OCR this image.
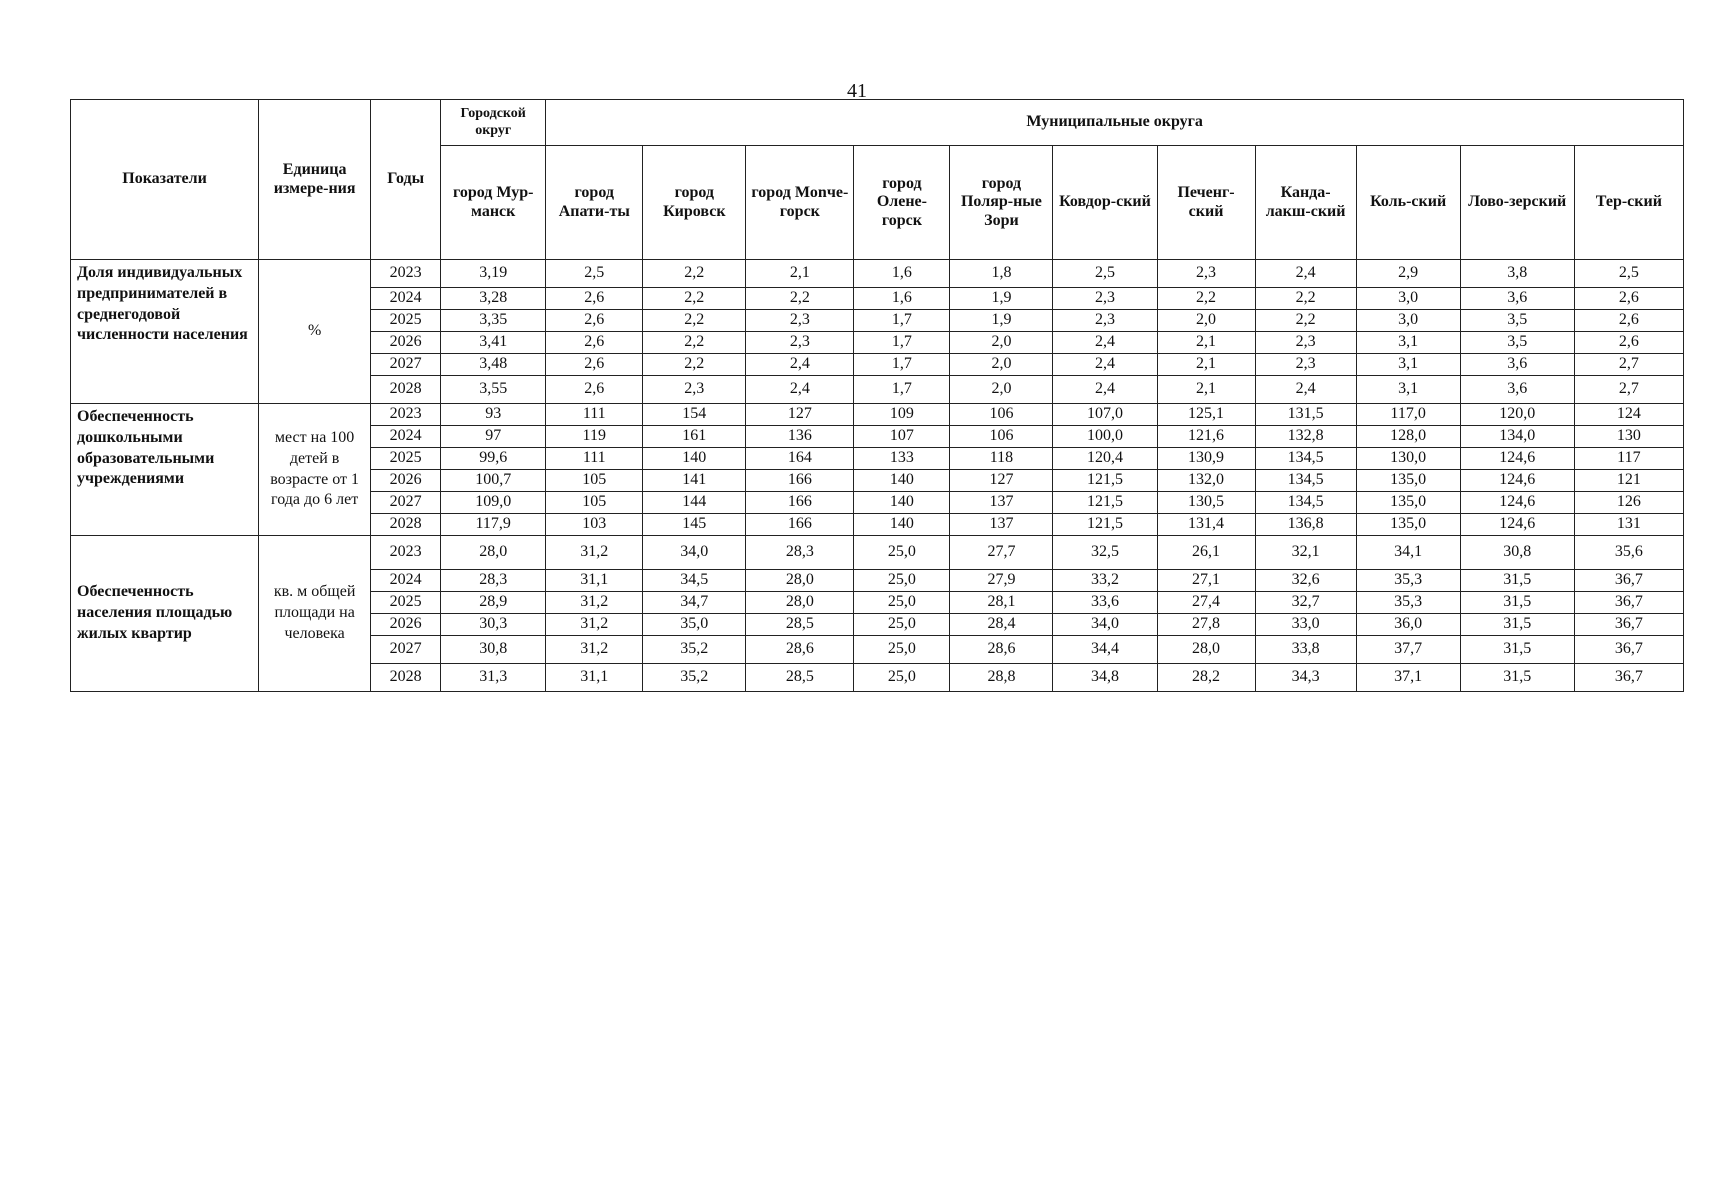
41
Показатели	Единица измере-ния	Годы	Городской округ	Муниципальные округа										
			город Мур-манск	город Апати-ты	город Кировск	город Monче-горск	город Олене-горск	город Поляр-ные Зори	Ковдор-ский	Печенг-ский	Канда-лакш-ский	Коль-ский	Лово-зерский	Тер-ский
Доля индивидуальных предпринимателей в среднегодовой численности населения	%	2023	3,19	2,5	2,2	2,1	1,6	1,8	2,5	2,3	2,4	2,9	3,8	2,5
		2024	3,28	2,6	2,2	2,2	1,6	1,9	2,3	2,2	2,2	3,0	3,6	2,6
		2025	3,35	2,6	2,2	2,3	1,7	1,9	2,3	2,0	2,2	3,0	3,5	2,6
		2026	3,41	2,6	2,2	2,3	1,7	2,0	2,4	2,1	2,3	3,1	3,5	2,6
		2027	3,48	2,6	2,2	2,4	1,7	2,0	2,4	2,1	2,3	3,1	3,6	2,7
		2028	3,55	2,6	2,3	2,4	1,7	2,0	2,4	2,1	2,4	3,1	3,6	2,7
Обеспеченность дошкольными образовательными учреждениями	мест на 100 детей в возрасте от 1 года до 6 лет	2023	93	111	154	127	109	106	107,0	125,1	131,5	117,0	120,0	124
		2024	97	119	161	136	107	106	100,0	121,6	132,8	128,0	134,0	130
		2025	99,6	111	140	164	133	118	120,4	130,9	134,5	130,0	124,6	117
		2026	100,7	105	141	166	140	127	121,5	132,0	134,5	135,0	124,6	121
		2027	109,0	105	144	166	140	137	121,5	130,5	134,5	135,0	124,6	126
		2028	117,9	103	145	166	140	137	121,5	131,4	136,8	135,0	124,6	131
Обеспеченность населения площадью жилых квартир	кв. м общей площади на человека	2023	28,0	31,2	34,0	28,3	25,0	27,7	32,5	26,1	32,1	34,1	30,8	35,6
		2024	28,3	31,1	34,5	28,0	25,0	27,9	33,2	27,1	32,6	35,3	31,5	36,7
		2025	28,9	31,2	34,7	28,0	25,0	28,1	33,6	27,4	32,7	35,3	31,5	36,7
		2026	30,3	31,2	35,0	28,5	25,0	28,4	34,0	27,8	33,0	36,0	31,5	36,7
		2027	30,8	31,2	35,2	28,6	25,0	28,6	34,4	28,0	33,8	37,7	31,5	36,7
		2028	31,3	31,1	35,2	28,5	25,0	28,8	34,8	28,2	34,3	37,1	31,5	36,7
